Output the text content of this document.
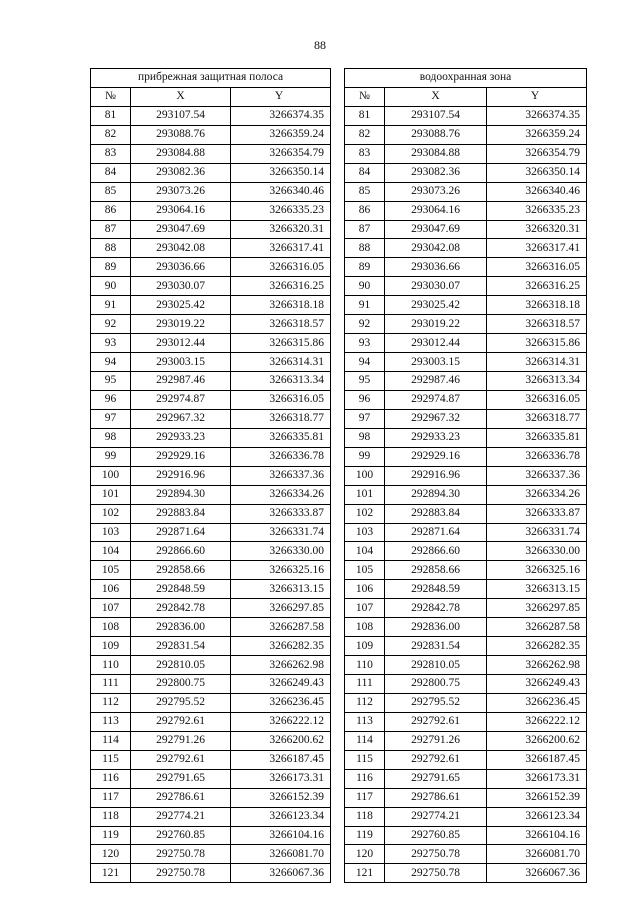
88
прибрежная защитная полоса		
№	X	Y
81	293107.54	3266374.35
82	293088.76	3266359.24
83	293084.88	3266354.79
84	293082.36	3266350.14
85	293073.26	3266340.46
86	293064.16	3266335.23
87	293047.69	3266320.31
88	293042.08	3266317.41
89	293036.66	3266316.05
90	293030.07	3266316.25
91	293025.42	3266318.18
92	293019.22	3266318.57
93	293012.44	3266315.86
94	293003.15	3266314.31
95	292987.46	3266313.34
96	292974.87	3266316.05
97	292967.32	3266318.77
98	292933.23	3266335.81
99	292929.16	3266336.78
100	292916.96	3266337.36
101	292894.30	3266334.26
102	292883.84	3266333.87
103	292871.64	3266331.74
104	292866.60	3266330.00
105	292858.66	3266325.16
106	292848.59	3266313.15
107	292842.78	3266297.85
108	292836.00	3266287.58
109	292831.54	3266282.35
110	292810.05	3266262.98
111	292800.75	3266249.43
112	292795.52	3266236.45
113	292792.61	3266222.12
114	292791.26	3266200.62
115	292792.61	3266187.45
116	292791.65	3266173.31
117	292786.61	3266152.39
118	292774.21	3266123.34
119	292760.85	3266104.16
120	292750.78	3266081.70
121	292750.78	3266067.36
водоохранная зона		
№	X	Y
81	293107.54	3266374.35
82	293088.76	3266359.24
83	293084.88	3266354.79
84	293082.36	3266350.14
85	293073.26	3266340.46
86	293064.16	3266335.23
87	293047.69	3266320.31
88	293042.08	3266317.41
89	293036.66	3266316.05
90	293030.07	3266316.25
91	293025.42	3266318.18
92	293019.22	3266318.57
93	293012.44	3266315.86
94	293003.15	3266314.31
95	292987.46	3266313.34
96	292974.87	3266316.05
97	292967.32	3266318.77
98	292933.23	3266335.81
99	292929.16	3266336.78
100	292916.96	3266337.36
101	292894.30	3266334.26
102	292883.84	3266333.87
103	292871.64	3266331.74
104	292866.60	3266330.00
105	292858.66	3266325.16
106	292848.59	3266313.15
107	292842.78	3266297.85
108	292836.00	3266287.58
109	292831.54	3266282.35
110	292810.05	3266262.98
111	292800.75	3266249.43
112	292795.52	3266236.45
113	292792.61	3266222.12
114	292791.26	3266200.62
115	292792.61	3266187.45
116	292791.65	3266173.31
117	292786.61	3266152.39
118	292774.21	3266123.34
119	292760.85	3266104.16
120	292750.78	3266081.70
121	292750.78	3266067.36
